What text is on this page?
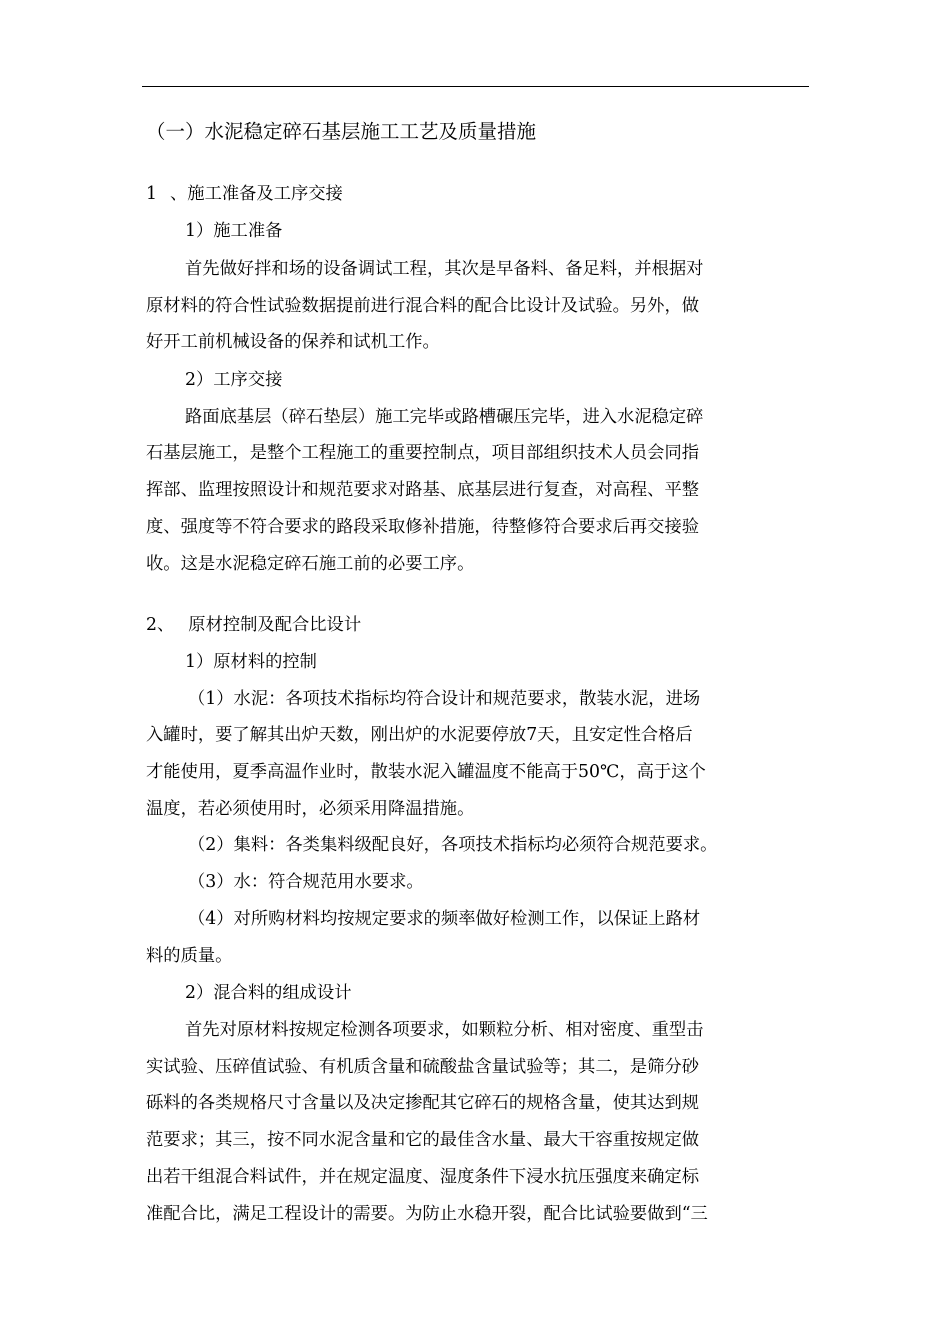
（一）水泥稳定碎石基层施工工艺及质量措施
1 、施工准备及工序交接
1）施工准备
首先做好拌和场的设备调试工程，其次是早备料、备足料，并根据对
原材料的符合性试验数据提前进行混合料的配合比设计及试验。另外，做
好开工前机械设备的保养和试机工作。
2）工序交接
路面底基层（碎石垫层）施工完毕或路槽碾压完毕，进入水泥稳定碎
石基层施工，是整个工程施工的重要控制点，项目部组织技术人员会同指
挥部、监理按照设计和规范要求对路基、底基层进行复查，对高程、平整
度、强度等不符合要求的路段采取修补措施，待整修符合要求后再交接验
收。这是水泥稳定碎石施工前的必要工序。
2、 原材控制及配合比设计
1）原材料的控制
（1）水泥：各项技术指标均符合设计和规范要求，散装水泥，进场
入罐时，要了解其出炉天数，刚出炉的水泥要停放7天，且安定性合格后
才能使用，夏季高温作业时，散装水泥入罐温度不能高于50℃，高于这个
温度，若必须使用时，必须采用降温措施。
（2）集料：各类集料级配良好，各项技术指标均必须符合规范要求。
（3）水：符合规范用水要求。
（4）对所购材料均按规定要求的频率做好检测工作，以保证上路材
料的质量。
2）混合料的组成设计
首先对原材料按规定检测各项要求，如颗粒分析、相对密度、重型击
实试验、压碎值试验、有机质含量和硫酸盐含量试验等；其二，是筛分砂
砾料的各类规格尺寸含量以及决定掺配其它碎石的规格含量，使其达到规
范要求；其三，按不同水泥含量和它的最佳含水量、最大干容重按规定做
出若干组混合料试件，并在规定温度、湿度条件下浸水抗压强度来确定标
准配合比，满足工程设计的需要。为防止水稳开裂，配合比试验要做到“三
